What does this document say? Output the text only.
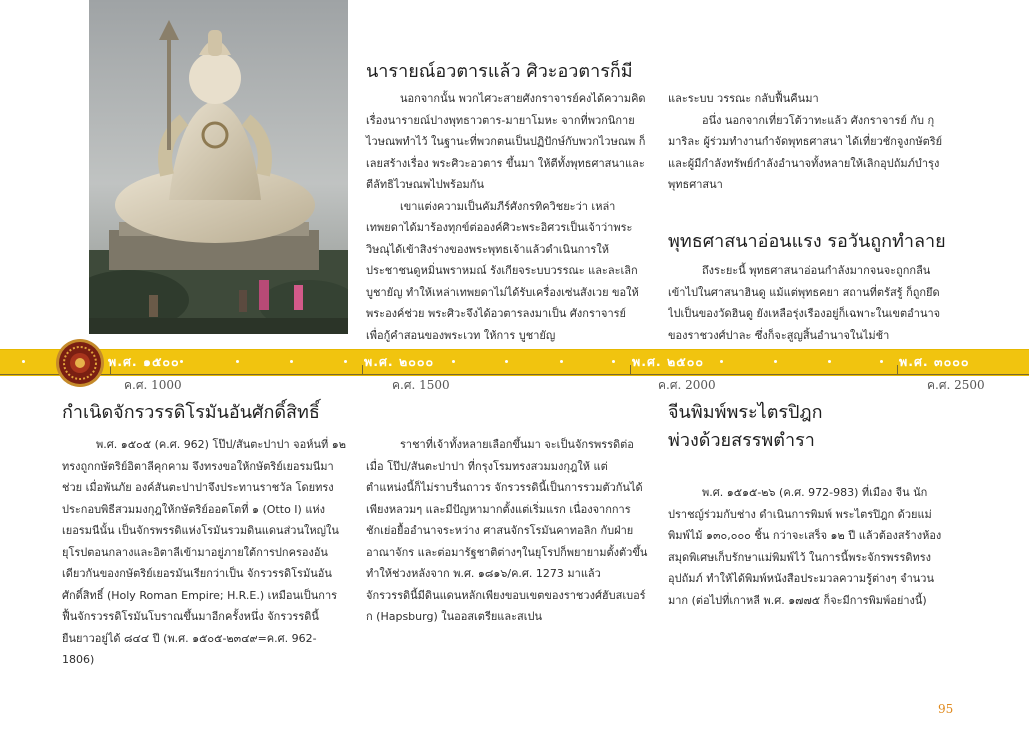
นารายณ์อวตารแล้ว ศิวะอวตารก็มี

นอกจากนั้น พวกไศวะสายศังกราจารย์คงได้ความคิดเรื่องนารายณ์ปางพุทธาวตาร-มายาโมหะ จากที่พวกนิกายไวษณพทำไว้ ในฐานะที่พวกตนเป็นปฏิปักษ์กับพวกไวษณพ ก็เลยสร้างเรื่อง พระศิวะอวตาร ขึ้นมา ให้ตีทั้งพุทธศาสนาและตีลัทธิไวษณพไปพร้อมกัน

เขาแต่งความเป็นคัมภีร์ศังกรทิควิชยะว่า เหล่าเทพยดาได้มาร้องทุกข์ต่อองค์ศิวะพระอิศวรเป็นเจ้าว่าพระวิษณุได้เข้าสิงร่างของพระพุทธเจ้าแล้วดำเนินการให้ประชาชนดูหมิ่นพราหมณ์ รังเกียจระบบวรรณะ และละเลิกบูชายัญ ทำให้เหล่าเทพยดาไม่ได้รับเครื่องเซ่นสังเวย ขอให้พระองค์ช่วย พระศิวะจึงได้อวตารลงมาเป็น ศังกราจารย์ เพื่อกู้คำสอนของพระเวท ให้การ บูชายัญ

และระบบ วรรณะ กลับฟื้นคืนมา

อนึ่ง นอกจากเที่ยวโต้วาทะแล้ว ศังกราจารย์ กับ กุมาริละ ผู้ร่วมทำงานกำจัดพุทธศาสนา ได้เที่ยวชักจูงกษัตริย์และผู้มีกำลังทรัพย์กำลังอำนาจทั้งหลายให้เลิกอุปถัมภ์บำรุงพุทธศาสนา

พุทธศาสนาอ่อนแรง รอวันถูกทำลาย

ถึงระยะนี้ พุทธศาสนาอ่อนกำลังมากจนจะถูกกลืนเข้าไปในศาสนาฮินดู แม้แต่พุทธคยา สถานที่ตรัสรู้ ก็ถูกยึดไปเป็นของวัดฮินดู ยังเหลือรุ่งเรืองอยู่ก็เฉพาะในเขตอำนาจของราชวงศ์ปาละ ซึ่งก็จะสูญสิ้นอำนาจในไม่ช้า

พ.ศ. ๑๕๐๐	พ.ศ. ๒๐๐๐	พ.ศ. ๒๕๐๐	พ.ศ. ๓๐๐๐
ค.ศ. 1000	ค.ศ. 1500	ค.ศ. 2000	ค.ศ. 2500
กำเนิดจักรวรรดิโรมันอันศักดิ์สิทธิ์

พ.ศ. ๑๕๐๕ (ค.ศ. 962) โป๊ป/สันตะปาปา จอห์นที่ ๑๒ ทรงถูกกษัตริย์อิตาลีคุกคาม จึงทรงขอให้กษัตริย์เยอรมนีมาช่วย เมื่อพ้นภัย องค์สันตะปาปาจึงประทานราชวัล โดยทรงประกอบพิธีสวมมงกุฎให้กษัตริย์ออตโตที่ ๑ (Otto I) แห่งเยอรมนีนั้น เป็นจักรพรรดิแห่งโรมันรวมดินแดนส่วนใหญ่ในยุโรปตอนกลางและอิตาลีเข้ามาอยู่ภายใต้การปกครองอันเดียวกันของกษัตริย์เยอรมันเรียกว่าเป็น จักรวรรดิโรมันอันศักดิ์สิทธิ์ (Holy Roman Empire; H.R.E.) เหมือนเป็นการฟื้นจักรวรรดิโรมันโบราณขึ้นมาอีกครั้งหนึ่ง จักรวรรดินี้ยืนยาวอยู่ได้ ๘๔๔ ปี (พ.ศ. ๑๕๐๕-๒๓๔๙=ค.ศ. 962-1806)

ราชาที่เจ้าทั้งหลายเลือกขึ้นมา จะเป็นจักรพรรดิต่อเมื่อ โป๊ป/สันตะปาปา ที่กรุงโรมทรงสวมมงกุฎให้ แต่ตำแหน่งนี้ก็ไม่ราบรื่นถาวร จักรวรรดินี้เป็นการรวมตัวกันได้เพียงหลวมๆ และมีปัญหามากตั้งแต่เริ่มแรก เนื่องจากการชักเย่อยื้ออำนาจระหว่าง ศาสนจักรโรมันคาทอลิก กับฝ่ายอาณาจักร และต่อมารัฐชาติต่างๆในยุโรปก็พยายามตั้งตัวขึ้น ทำให้ช่วงหลังจาก พ.ศ. ๑๘๑๖/ค.ศ. 1273 มาแล้ว จักรวรรดินี้มีดินแดนหลักเพียงขอบเขตของราชวงศ์ฮับสเบอร์ก (Hapsburg) ในออสเตรียและสเปน

จีนพิมพ์พระไตรปิฎก
พ่วงด้วยสรรพตำรา

พ.ศ. ๑๕๑๕-๒๖ (ค.ศ. 972-983) ที่เมือง จีน นักปราชญ์ร่วมกับช่าง ดำเนินการพิมพ์ พระไตรปิฎก ด้วยแม่พิมพ์ไม้ ๑๓๐,๐๐๐ ชิ้น กว่าจะเสร็จ ๑๒ ปี แล้วต้องสร้างห้องสมุดพิเศษเก็บรักษาแม่พิมพ์ไว้ ในการนี้พระจักรพรรดิทรงอุปถัมภ์ ทำให้ได้พิมพ์หนังสือประมวลความรู้ต่างๆ จำนวนมาก (ต่อไปที่เกาหลี พ.ศ. ๑๗๗๕ ก็จะมีการพิมพ์อย่างนี้)

95
